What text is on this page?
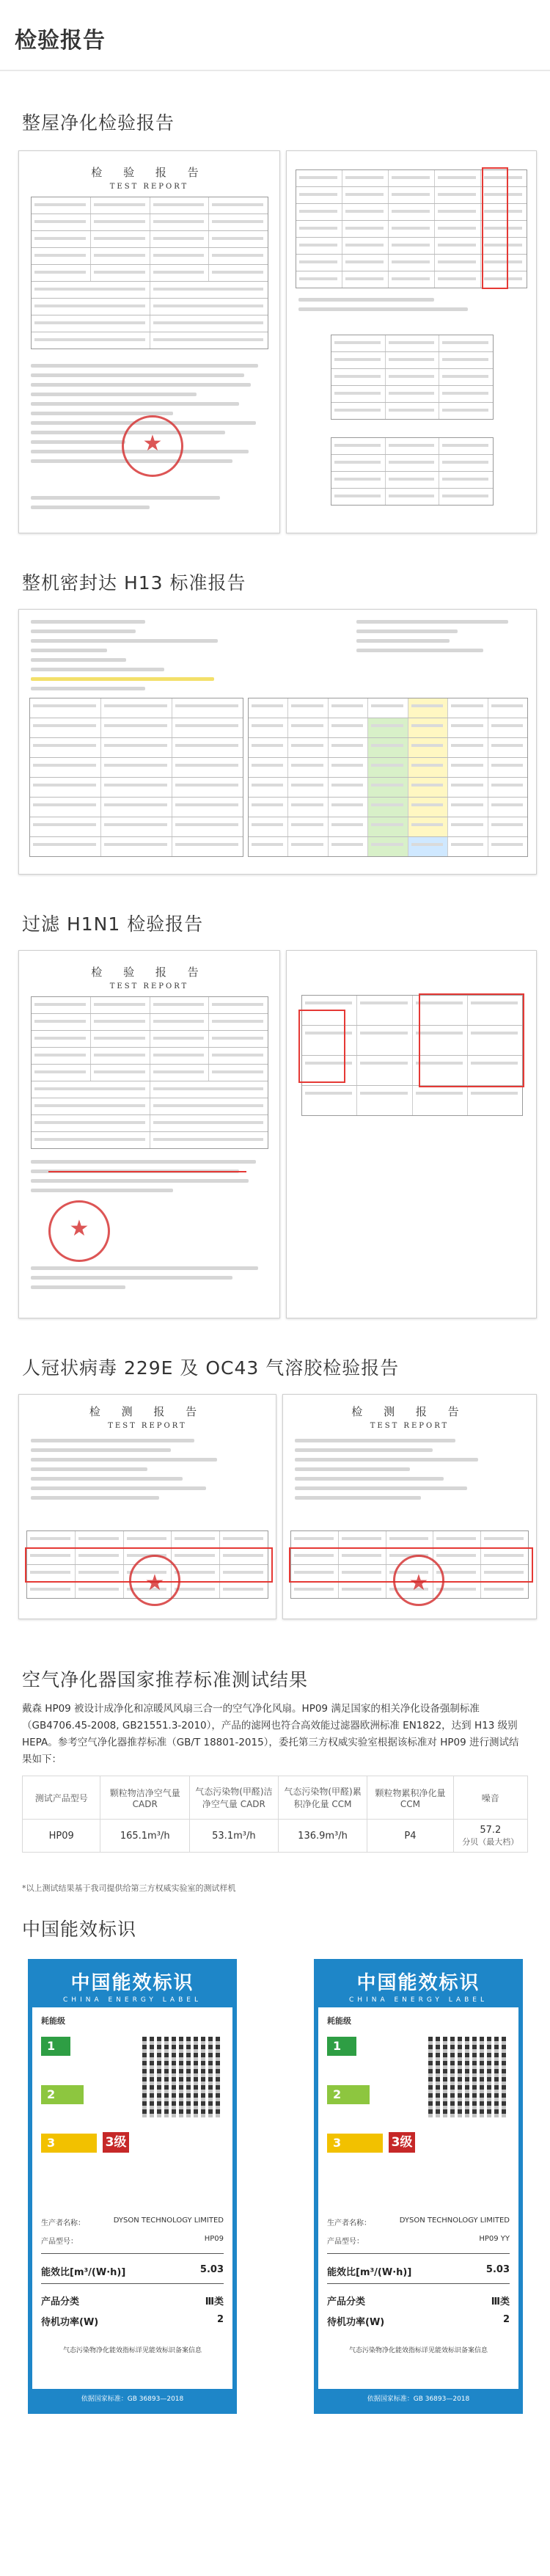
检验报告
整屋净化检验报告
检 验 报 告
TEST REPORT
★
整机密封达 H13 标准报告
过滤 H1N1 检验报告
检 验 报 告
TEST REPORT
★
人冠状病毒 229E 及 OC43 气溶胶检验报告
检 测 报 告
TEST REPORT
★
检 测 报 告
TEST REPORT
★
空气净化器国家推荐标准测试结果
戴森 HP09 被设计成净化和凉暖风风扇三合一的空气净化风扇。HP09 满足国家的相关净化设备强制标准（GB4706.45-2008, GB21551.3-2010），产品的滤网也符合高效能过滤器欧洲标准 EN1822，达到 H13 级别 HEPA。参考空气净化器推荐标准（GB/T 18801-2015），委托第三方权威实验室根据该标准对 HP09 进行测试结果如下：
测试产品型号	颗粒物洁净空气量 CADR	气态污染物(甲醛)洁净空气量 CADR	气态污染物(甲醛)累积净化量 CCM	颗粒物累积净化量 CCM	噪音
HP09	165.1m³/h	53.1m³/h	136.9m³/h	P4	57.2
分贝（最大档）
*以上测试结果基于我司提供给第三方权威实验室的测试样机
中国能效标识
中国能效标识
CHINA ENERGY LABEL
耗能级
1
2
3	3级
生产者名称：	DYSON TECHNOLOGY LIMITED
产品型号：	HP09
能效比[m³/(W·h)]	5.03
产品分类	Ⅲ类
待机功率(W)	2
气态污染物净化能效指标详见能效标识备案信息
依据国家标准：GB 36893—2018
中国能效标识
CHINA ENERGY LABEL
耗能级
1
2
3	3级
生产者名称：	DYSON TECHNOLOGY LIMITED
产品型号：	HP09 YY
能效比[m³/(W·h)]	5.03
产品分类	Ⅲ类
待机功率(W)	2
气态污染物净化能效指标详见能效标识备案信息
依据国家标准：GB 36893—2018
